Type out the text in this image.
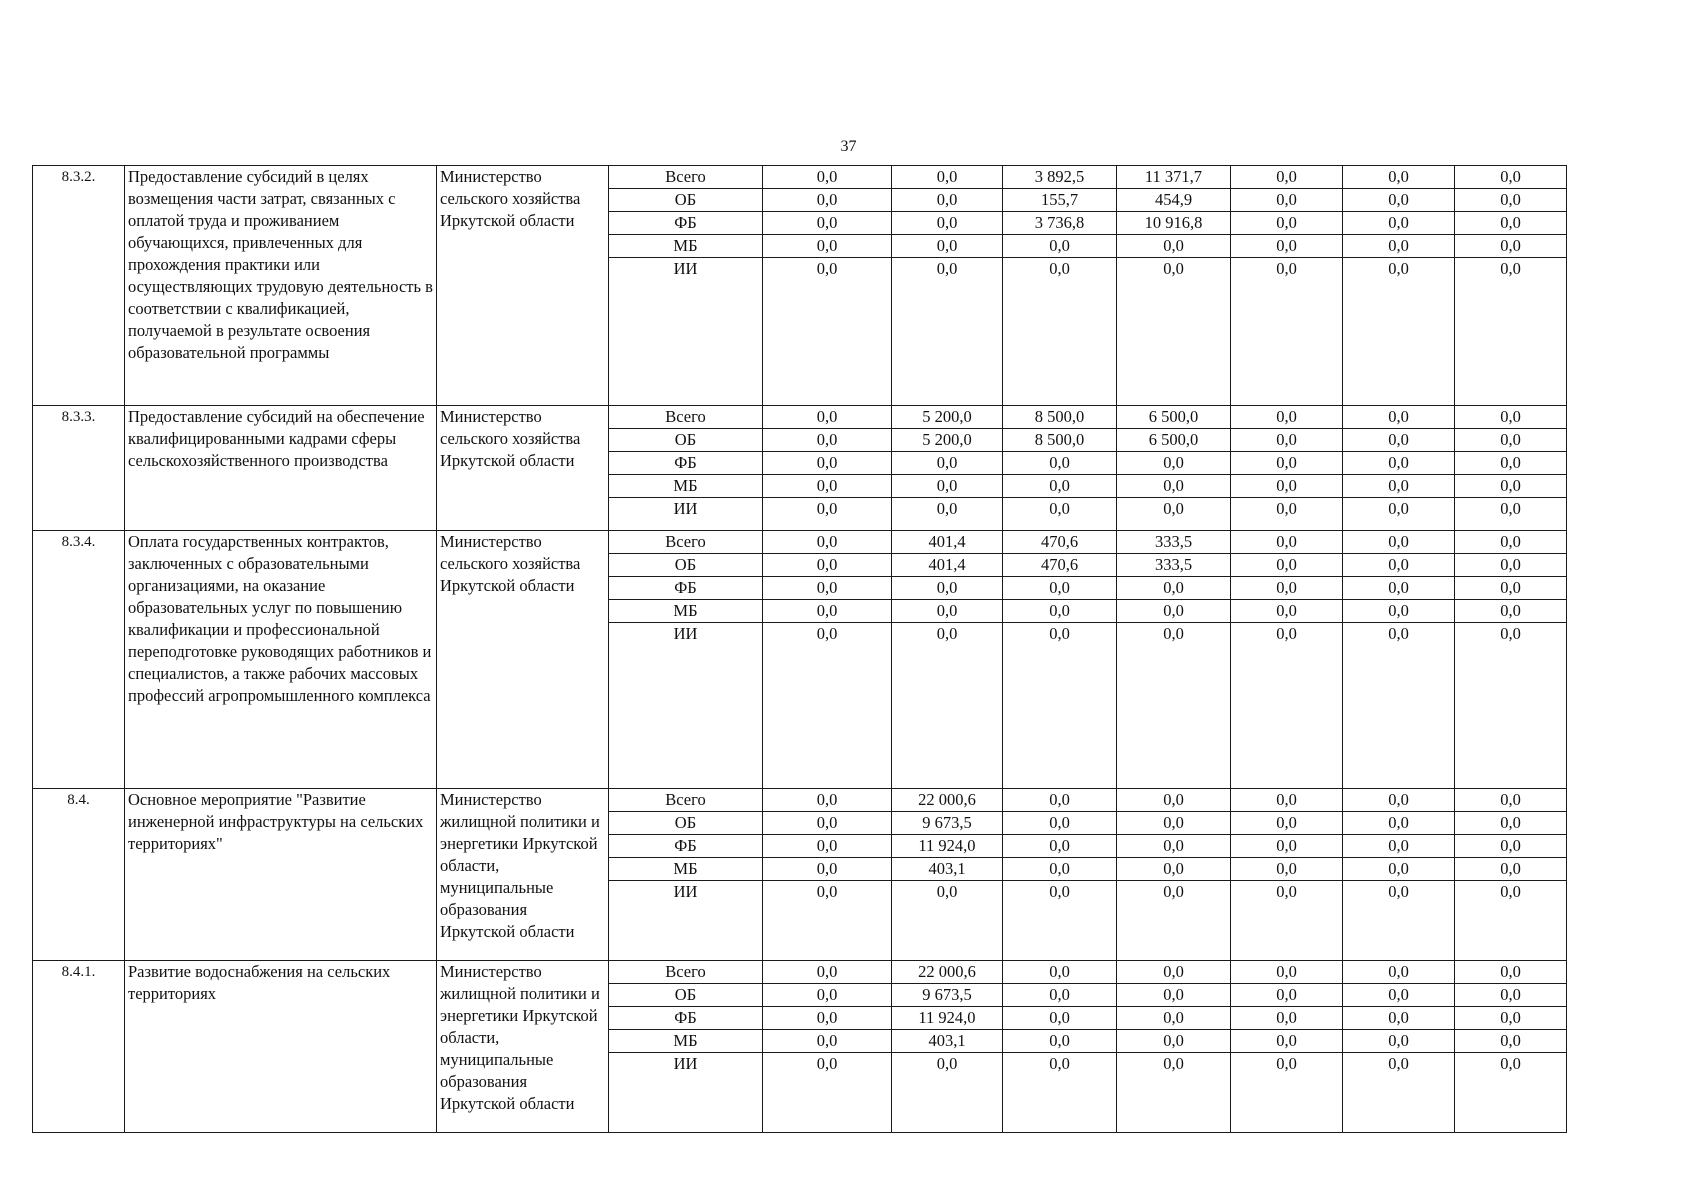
37
8.3.2.	Предоставление субсидий в целях возмещения части затрат, связанных с оплатой труда и проживанием обучающихся, привлеченных для прохождения практики или осуществляющих трудовую деятельность в соответствии с квалификацией, получаемой в результате освоения образовательной программы	Министерство сельского хозяйства Иркутской области	Всего	0,0	0,0	3 892,5	11 371,7	0,0	0,0	0,0
			ОБ	0,0	0,0	155,7	454,9	0,0	0,0	0,0
			ФБ	0,0	0,0	3 736,8	10 916,8	0,0	0,0	0,0
			МБ	0,0	0,0	0,0	0,0	0,0	0,0	0,0
			ИИ	0,0	0,0	0,0	0,0	0,0	0,0	0,0
8.3.3.	Предоставление субсидий на обеспечение квалифицированными кадрами сферы сельскохозяйственного производства	Министерство сельского хозяйства Иркутской области	Всего	0,0	5 200,0	8 500,0	6 500,0	0,0	0,0	0,0
			ОБ	0,0	5 200,0	8 500,0	6 500,0	0,0	0,0	0,0
			ФБ	0,0	0,0	0,0	0,0	0,0	0,0	0,0
			МБ	0,0	0,0	0,0	0,0	0,0	0,0	0,0
			ИИ	0,0	0,0	0,0	0,0	0,0	0,0	0,0
8.3.4.	Оплата государственных контрактов, заключенных с образовательными организациями, на оказание образовательных услуг по повышению квалификации и профессиональной переподготовке руководящих работников и специалистов, а также рабочих массовых профессий агропромышленного комплекса	Министерство сельского хозяйства Иркутской области	Всего	0,0	401,4	470,6	333,5	0,0	0,0	0,0
			ОБ	0,0	401,4	470,6	333,5	0,0	0,0	0,0
			ФБ	0,0	0,0	0,0	0,0	0,0	0,0	0,0
			МБ	0,0	0,0	0,0	0,0	0,0	0,0	0,0
			ИИ	0,0	0,0	0,0	0,0	0,0	0,0	0,0
8.4.	Основное мероприятие "Развитие инженерной инфраструктуры на сельских территориях"	Министерство жилищной политики и энергетики Иркутской области, муниципальные образования Иркутской области	Всего	0,0	22 000,6	0,0	0,0	0,0	0,0	0,0
			ОБ	0,0	9 673,5	0,0	0,0	0,0	0,0	0,0
			ФБ	0,0	11 924,0	0,0	0,0	0,0	0,0	0,0
			МБ	0,0	403,1	0,0	0,0	0,0	0,0	0,0
			ИИ	0,0	0,0	0,0	0,0	0,0	0,0	0,0
8.4.1.	Развитие водоснабжения на сельских территориях	Министерство жилищной политики и энергетики Иркутской области, муниципальные образования Иркутской области	Всего	0,0	22 000,6	0,0	0,0	0,0	0,0	0,0
			ОБ	0,0	9 673,5	0,0	0,0	0,0	0,0	0,0
			ФБ	0,0	11 924,0	0,0	0,0	0,0	0,0	0,0
			МБ	0,0	403,1	0,0	0,0	0,0	0,0	0,0
			ИИ	0,0	0,0	0,0	0,0	0,0	0,0	0,0
